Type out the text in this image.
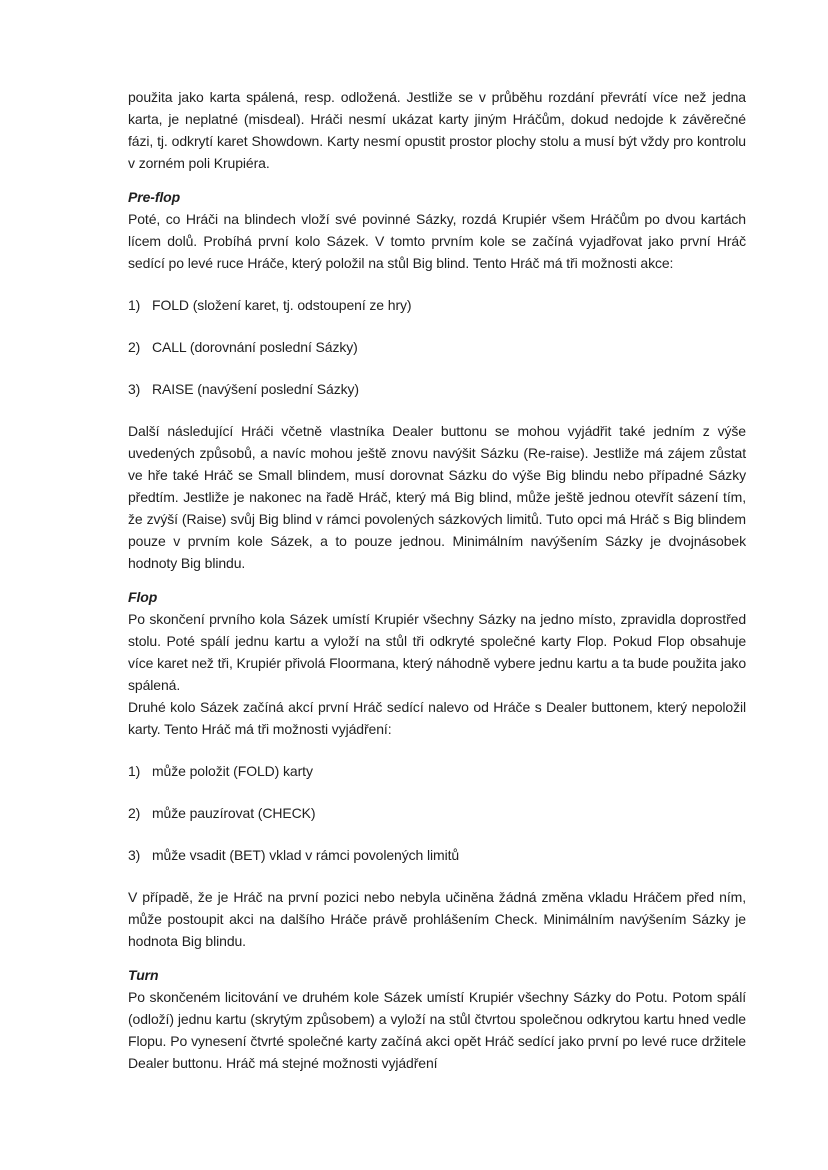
použita jako karta spálená, resp. odložená. Jestliže se v průběhu rozdání převrátí více než jedna karta, je neplatné (misdeal). Hráči nesmí ukázat karty jiným Hráčům, dokud nedojde k závěrečné fázi, tj. odkrytí karet Showdown. Karty nesmí opustit prostor plochy stolu a musí být vždy pro kontrolu v zorném poli Krupiéra.

Pre-flop

Poté, co Hráči na blindech vloží své povinné Sázky, rozdá Krupiér všem Hráčům po dvou kartách lícem dolů. Probíhá první kolo Sázek. V tomto prvním kole se začíná vyjadřovat jako první Hráč sedící po levé ruce Hráče, který položil na stůl Big blind. Tento Hráč má tři možnosti akce:

1) FOLD (složení karet, tj. odstoupení ze hry)
2) CALL (dorovnání poslední Sázky)
3) RAISE (navýšení poslední Sázky)

Další následující Hráči včetně vlastníka Dealer buttonu se mohou vyjádřit také jedním z výše uvedených způsobů, a navíc mohou ještě znovu navýšit Sázku (Re-raise). Jestliže má zájem zůstat ve hře také Hráč se Small blindem, musí dorovnat Sázku do výše Big blindu nebo případné Sázky předtím. Jestliže je nakonec na řadě Hráč, který má Big blind, může ještě jednou otevřít sázení tím, že zvýší (Raise) svůj Big blind v rámci povolených sázkových limitů. Tuto opci má Hráč s Big blindem pouze v prvním kole Sázek, a to pouze jednou. Minimálním navýšením Sázky je dvojnásobek hodnoty Big blindu.

Flop

Po skončení prvního kola Sázek umístí Krupiér všechny Sázky na jedno místo, zpravidla doprostřed stolu. Poté spálí jednu kartu a vyloží na stůl tři odkryté společné karty Flop. Pokud Flop obsahuje více karet než tři, Krupiér přivolá Floormana, který náhodně vybere jednu kartu a ta bude použita jako spálená.

Druhé kolo Sázek začíná akcí první Hráč sedící nalevo od Hráče s Dealer buttonem, který nepoložil karty. Tento Hráč má tři možnosti vyjádření:

1) může položit (FOLD) karty
2) může pauzírovat (CHECK)
3) může vsadit (BET) vklad v rámci povolených limitů

V případě, že je Hráč na první pozici nebo nebyla učiněna žádná změna vkladu Hráčem před ním, může postoupit akci na dalšího Hráče právě prohlášením Check. Minimálním navýšením Sázky je hodnota Big blindu.

Turn

Po skončeném licitování ve druhém kole Sázek umístí Krupiér všechny Sázky do Potu. Potom spálí (odloží) jednu kartu (skrytým způsobem) a vyloží na stůl čtvrtou společnou odkrytou kartu hned vedle Flopu. Po vynesení čtvrté společné karty začíná akci opět Hráč sedící jako první po levé ruce držitele Dealer buttonu. Hráč má stejné možnosti vyjádření
